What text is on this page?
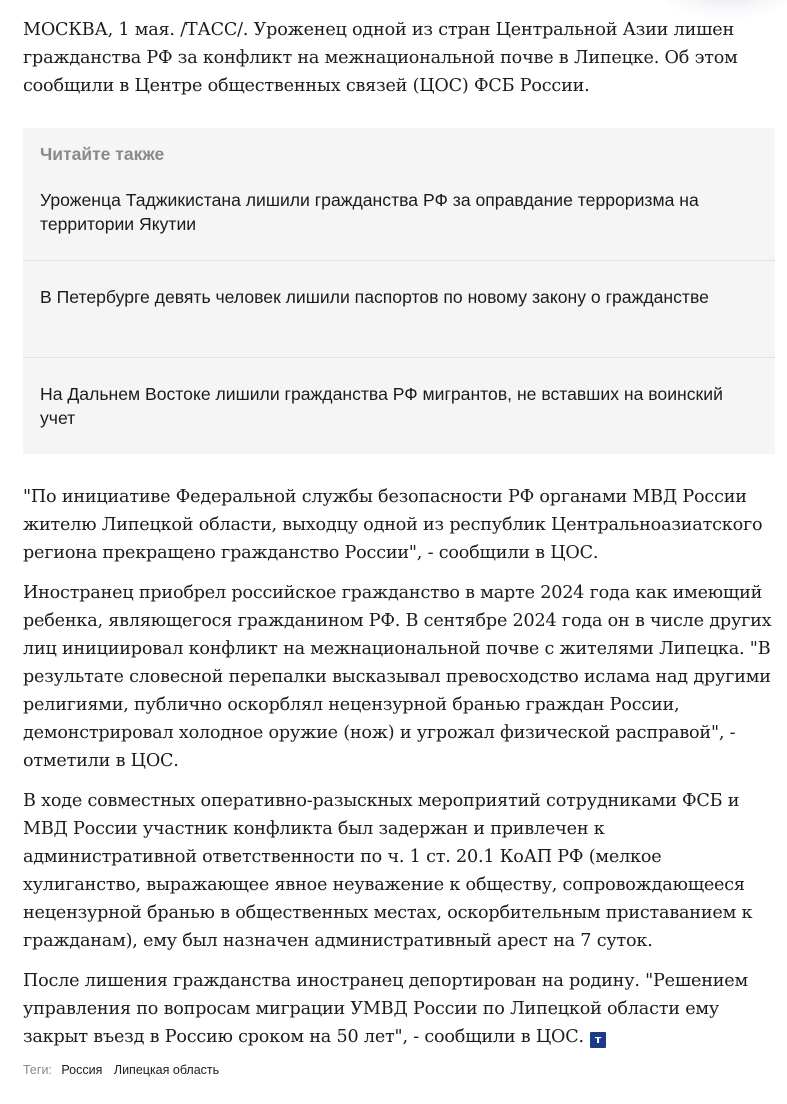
МОСКВА, 1 мая. /ТАСС/. Уроженец одной из стран Центральной Азии лишен гражданства РФ за конфликт на межнациональной почве в Липецке. Об этом сообщили в Центре общественных связей (ЦОС) ФСБ России.

Читайте также
Уроженца Таджикистана лишили гражданства РФ за оправдание терроризма на территории Якутии
В Петербурге девять человек лишили паспортов по новому закону о гражданстве
На Дальнем Востоке лишили гражданства РФ мигрантов, не вставших на воинский учет

"По инициативе Федеральной службы безопасности РФ органами МВД России жителю Липецкой области, выходцу одной из республик Центральноазиатского региона прекращено гражданство России", - сообщили в ЦОС.

Иностранец приобрел российское гражданство в марте 2024 года как имеющий ребенка, являющегося гражданином РФ. В сентябре 2024 года он в числе других лиц инициировал конфликт на межнациональной почве с жителями Липецка. "В результате словесной перепалки высказывал превосходство ислама над другими религиями, публично оскорблял нецензурной бранью граждан России, демонстрировал холодное оружие (нож) и угрожал физической расправой", - отметили в ЦОС.

В ходе совместных оперативно-разыскных мероприятий сотрудниками ФСБ и МВД России участник конфликта был задержан и привлечен к административной ответственности по ч. 1 ст. 20.1 КоАП РФ (мелкое хулиганство, выражающее явное неуважение к обществу, сопровождающееся нецензурной бранью в общественных местах, оскорбительным приставанием к гражданам), ему был назначен административный арест на 7 суток.

После лишения гражданства иностранец депортирован на родину. "Решением управления по вопросам миграции УМВД России по Липецкой области ему закрыт въезд в Россию сроком на 50 лет", - сообщили в ЦОС. т

Теги: Россия Липецкая область
